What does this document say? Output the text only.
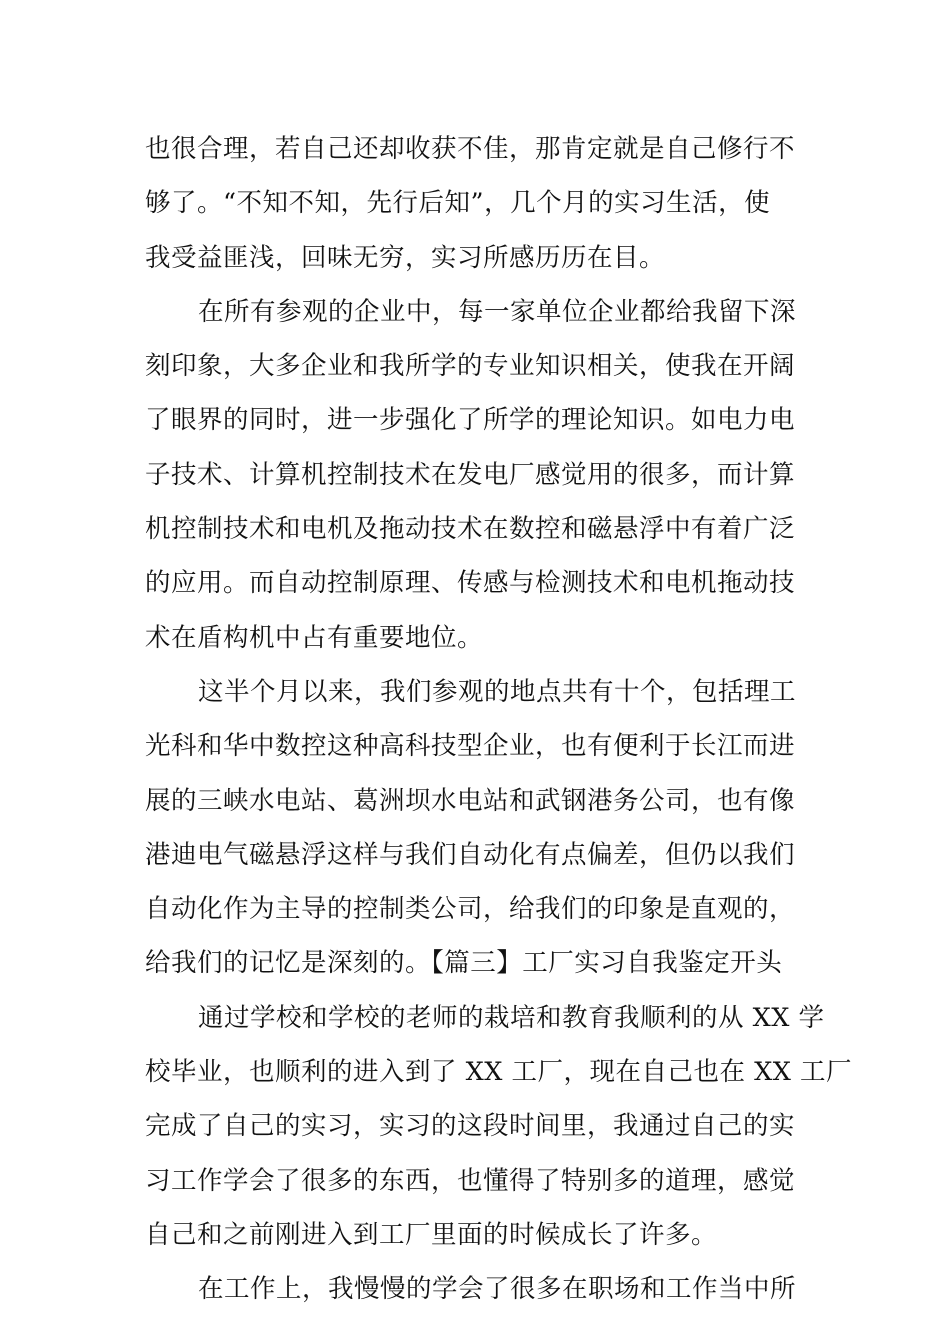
也很合理，若自己还却收获不佳，那肯定就是自己修行不
够了。“不知不知，先行后知”，几个月的实习生活，使
我受益匪浅，回味无穷，实习所感历历在目。
在所有参观的企业中，每一家单位企业都给我留下深
刻印象，大多企业和我所学的专业知识相关，使我在开阔
了眼界的同时，进一步强化了所学的理论知识。如电力电
子技术、计算机控制技术在发电厂感觉用的很多，而计算
机控制技术和电机及拖动技术在数控和磁悬浮中有着广泛
的应用。而自动控制原理、传感与检测技术和电机拖动技
术在盾构机中占有重要地位。
这半个月以来，我们参观的地点共有十个，包括理工
光科和华中数控这种高科技型企业，也有便利于长江而进
展的三峡水电站、葛洲坝水电站和武钢港务公司，也有像
港迪电气磁悬浮这样与我们自动化有点偏差，但仍以我们
自动化作为主导的控制类公司，给我们的印象是直观的，
给我们的记忆是深刻的。【篇三】工厂实习自我鉴定开头
通过学校和学校的老师的栽培和教育我顺利的从 XX 学
校毕业，也顺利的进入到了 XX 工厂，现在自己也在 XX 工厂
完成了自己的实习，实习的这段时间里，我通过自己的实
习工作学会了很多的东西，也懂得了特别多的道理，感觉
自己和之前刚进入到工厂里面的时候成长了许多。
在工作上，我慢慢的学会了很多在职场和工作当中所
